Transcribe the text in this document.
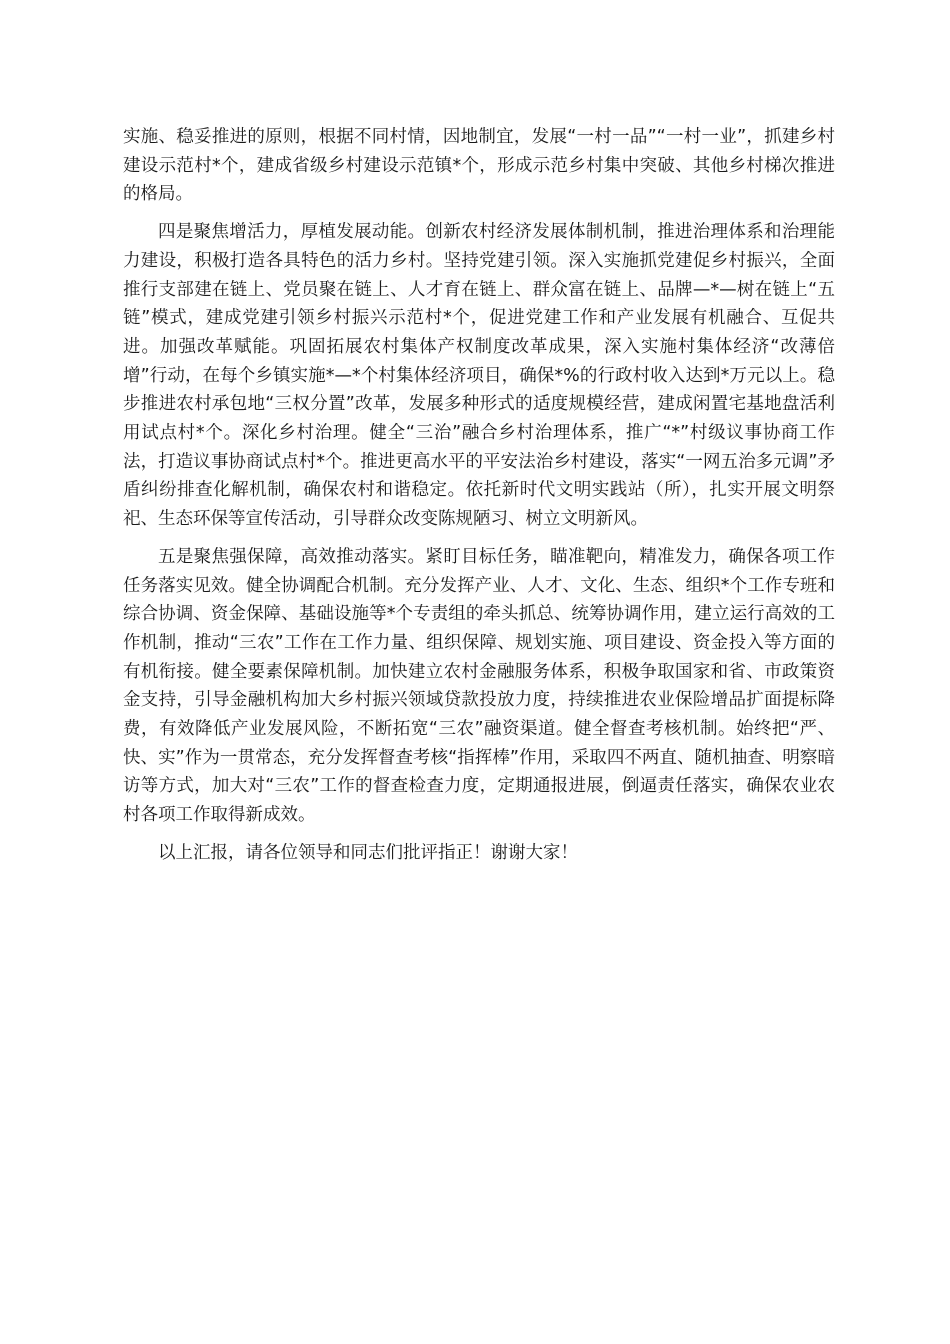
实施、稳妥推进的原则，根据不同村情，因地制宜，发展“一村一品”“一村一业”，抓建乡村建设示范村*个，建成省级乡村建设示范镇*个，形成示范乡村集中突破、其他乡村梯次推进的格局。

四是聚焦增活力，厚植发展动能。创新农村经济发展体制机制，推进治理体系和治理能力建设，积极打造各具特色的活力乡村。坚持党建引领。深入实施抓党建促乡村振兴，全面推行支部建在链上、党员聚在链上、人才育在链上、群众富在链上、品牌—*—树在链上“五链”模式，建成党建引领乡村振兴示范村*个，促进党建工作和产业发展有机融合、互促共进。加强改革赋能。巩固拓展农村集体产权制度改革成果，深入实施村集体经济“改薄倍增”行动，在每个乡镇实施*—*个村集体经济项目，确保*%的行政村收入达到*万元以上。稳步推进农村承包地“三权分置”改革，发展多种形式的适度规模经营，建成闲置宅基地盘活利用试点村*个。深化乡村治理。健全“三治”融合乡村治理体系，推广“*”村级议事协商工作法，打造议事协商试点村*个。推进更高水平的平安法治乡村建设，落实“一网五治多元调”矛盾纠纷排查化解机制，确保农村和谐稳定。依托新时代文明实践站（所），扎实开展文明祭祀、生态环保等宣传活动，引导群众改变陈规陋习、树立文明新风。

五是聚焦强保障，高效推动落实。紧盯目标任务，瞄准靶向，精准发力，确保各项工作任务落实见效。健全协调配合机制。充分发挥产业、人才、文化、生态、组织*个工作专班和综合协调、资金保障、基础设施等*个专责组的牵头抓总、统筹协调作用，建立运行高效的工作机制，推动“三农”工作在工作力量、组织保障、规划实施、项目建设、资金投入等方面的有机衔接。健全要素保障机制。加快建立农村金融服务体系，积极争取国家和省、市政策资金支持，引导金融机构加大乡村振兴领域贷款投放力度，持续推进农业保险增品扩面提标降费，有效降低产业发展风险，不断拓宽“三农”融资渠道。健全督查考核机制。始终把“严、快、实”作为一贯常态，充分发挥督查考核“指挥棒”作用，采取四不两直、随机抽查、明察暗访等方式，加大对“三农”工作的督查检查力度，定期通报进展，倒逼责任落实，确保农业农村各项工作取得新成效。

以上汇报，请各位领导和同志们批评指正！谢谢大家！
